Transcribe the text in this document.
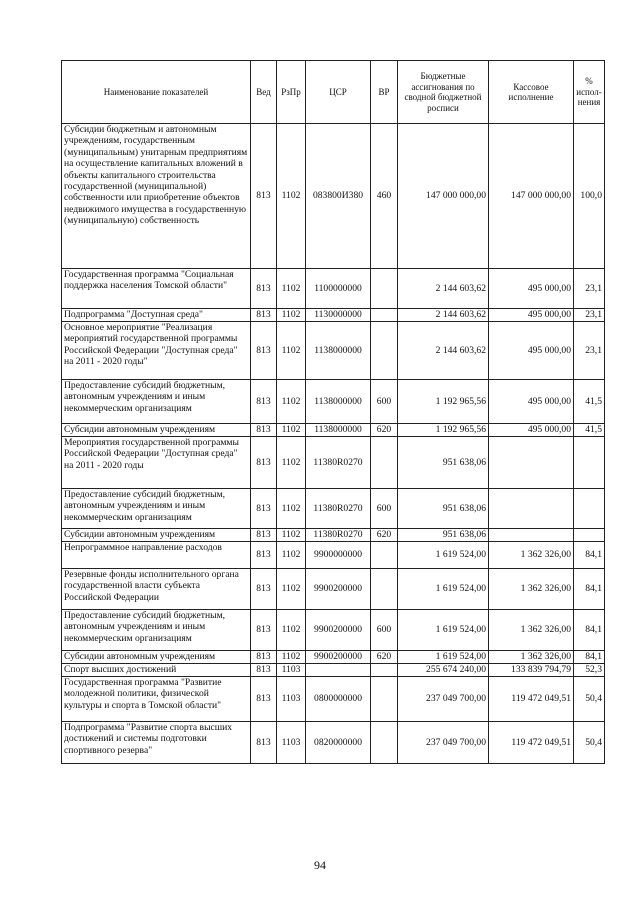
Наименование показателей	Вед	РзПр	ЦСР	ВР	Бюджетные ассигнования по сводной бюджетной росписи	Кассовое исполнение	% испол-нения
Субсидии бюджетным и автономным учреждениям, государственным (муниципальным) унитарным предприятиям на осуществление капитальных вложений в объекты капитального строительства государственной (муниципальной) собственности или приобретение объектов недвижимого имущества в государственную (муниципальную) собственность	813	1102	083800И380	460	147 000 000,00	147 000 000,00	100,0
Государственная программа "Социальная поддержка населения Томской области"	813	1102	1100000000		2 144 603,62	495 000,00	23,1
Подпрограмма "Доступная среда"	813	1102	1130000000		2 144 603,62	495 000,00	23,1
Основное мероприятие "Реализация мероприятий государственной программы Российской Федерации "Доступная среда" на 2011 - 2020 годы"	813	1102	1138000000		2 144 603,62	495 000,00	23,1
Предоставление субсидий бюджетным, автономным учреждениям и иным некоммерческим организациям	813	1102	1138000000	600	1 192 965,56	495 000,00	41,5
Субсидии автономным учреждениям	813	1102	1138000000	620	1 192 965,56	495 000,00	41,5
Мероприятия государственной программы Российской Федерации "Доступная среда" на 2011 - 2020 годы	813	1102	11380R0270		951 638,06		
Предоставление субсидий бюджетным, автономным учреждениям и иным некоммерческим организациям	813	1102	11380R0270	600	951 638,06		
Субсидии автономным учреждениям	813	1102	11380R0270	620	951 638,06		
Непрограммное направление расходов	813	1102	9900000000		1 619 524,00	1 362 326,00	84,1
Резервные фонды исполнительного органа государственной власти субъекта Российской Федерации	813	1102	9900200000		1 619 524,00	1 362 326,00	84,1
Предоставление субсидий бюджетным, автономным учреждениям и иным некоммерческим организациям	813	1102	9900200000	600	1 619 524,00	1 362 326,00	84,1
Субсидии автономным учреждениям	813	1102	9900200000	620	1 619 524,00	1 362 326,00	84,1
Спорт высших достижений	813	1103			255 674 240,00	133 839 794,79	52,3
Государственная программа "Развитие молодежной политики, физической культуры и спорта в Томской области"	813	1103	0800000000		237 049 700,00	119 472 049,51	50,4
Подпрограмма "Развитие спорта высших достижений и системы подготовки спортивного резерва"	813	1103	0820000000		237 049 700,00	119 472 049,51	50,4
94
